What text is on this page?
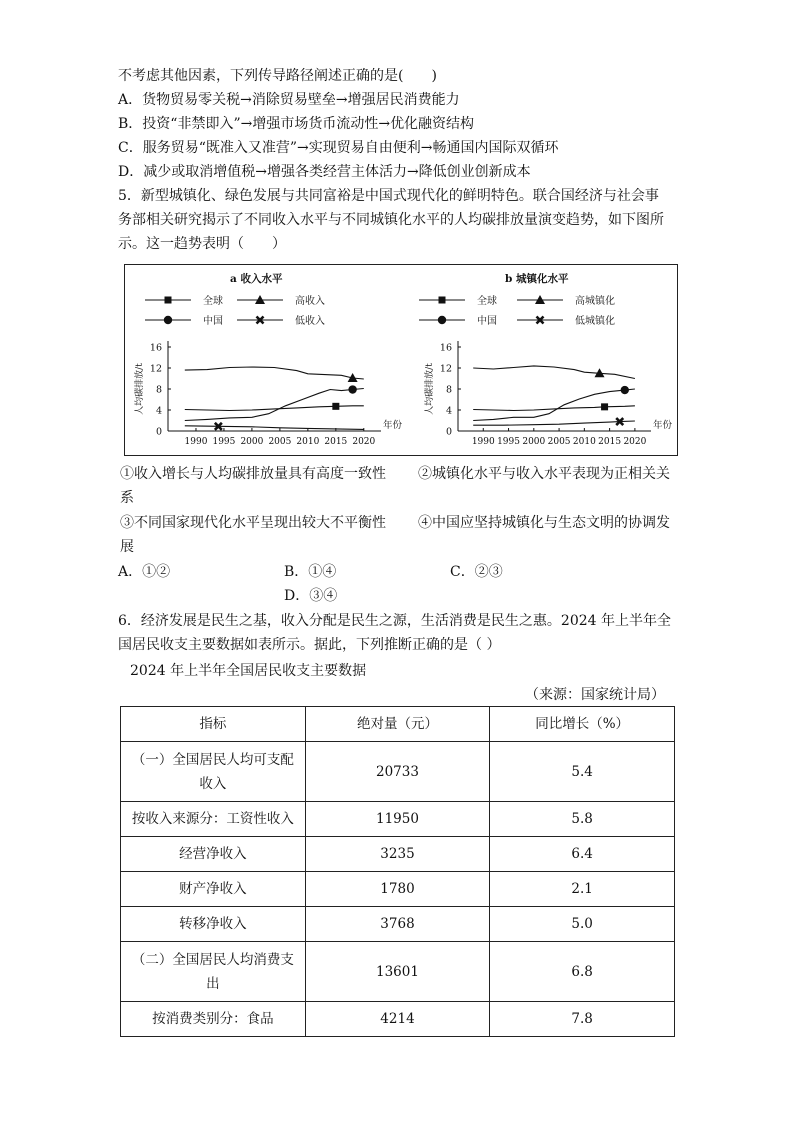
不考虑其他因素，下列传导路径阐述正确的是(　　)
A．货物贸易零关税→消除贸易壁垒→增强居民消费能力
B．投资“非禁即入”→增强市场货币流动性→优化融资结构
C．服务贸易“既准入又准营”→实现贸易自由便利→畅通国内国际双循环
D．减少或取消增值税→增强各类经营主体活力→降低创业创新成本
5．新型城镇化、绿色发展与共同富裕是中国式现代化的鲜明特色。联合国经济与社会事
务部相关研究揭示了不同收入水平与不同城镇化水平的人均碳排放量演变趋势，如下图所
示。这一趋势表明（　　）
a 收入水平
全球	高收入
中国	低收入
0
4
8
12
16
1990 1995 2000 2005 2010 2015 2020
年份
人均碳排放/t
b 城镇化水平
全球	高城镇化
中国	低城镇化
0
4
8
12
16
1990 1995 2000 2005 2010 2015 2020
年份
人均碳排放/t
①收入增长与人均碳排放量具有高度一致性 ②城镇化水平与收入水平表现为正相关关
系
③不同国家现代化水平呈现出较大不平衡性 ④中国应坚持城镇化与生态文明的协调发
展
A．①②	B．①④	C．②③
D．③④
6．经济发展是民生之基，收入分配是民生之源，生活消费是民生之惠。2024 年上半年全
国居民收支主要数据如表所示。据此，下列推断正确的是（ ）
2024 年上半年全国居民收支主要数据
（来源：国家统计局）
指标	绝对量（元）	同比增长（%）
（一）全国居民人均可支配
收入	20733	5.4
按收入来源分：工资性收入	11950	5.8
经营净收入	3235	6.4
财产净收入	1780	2.1
转移净收入	3768	5.0
（二）全国居民人均消费支
出	13601	6.8
按消费类别分：食品	4214	7.8
